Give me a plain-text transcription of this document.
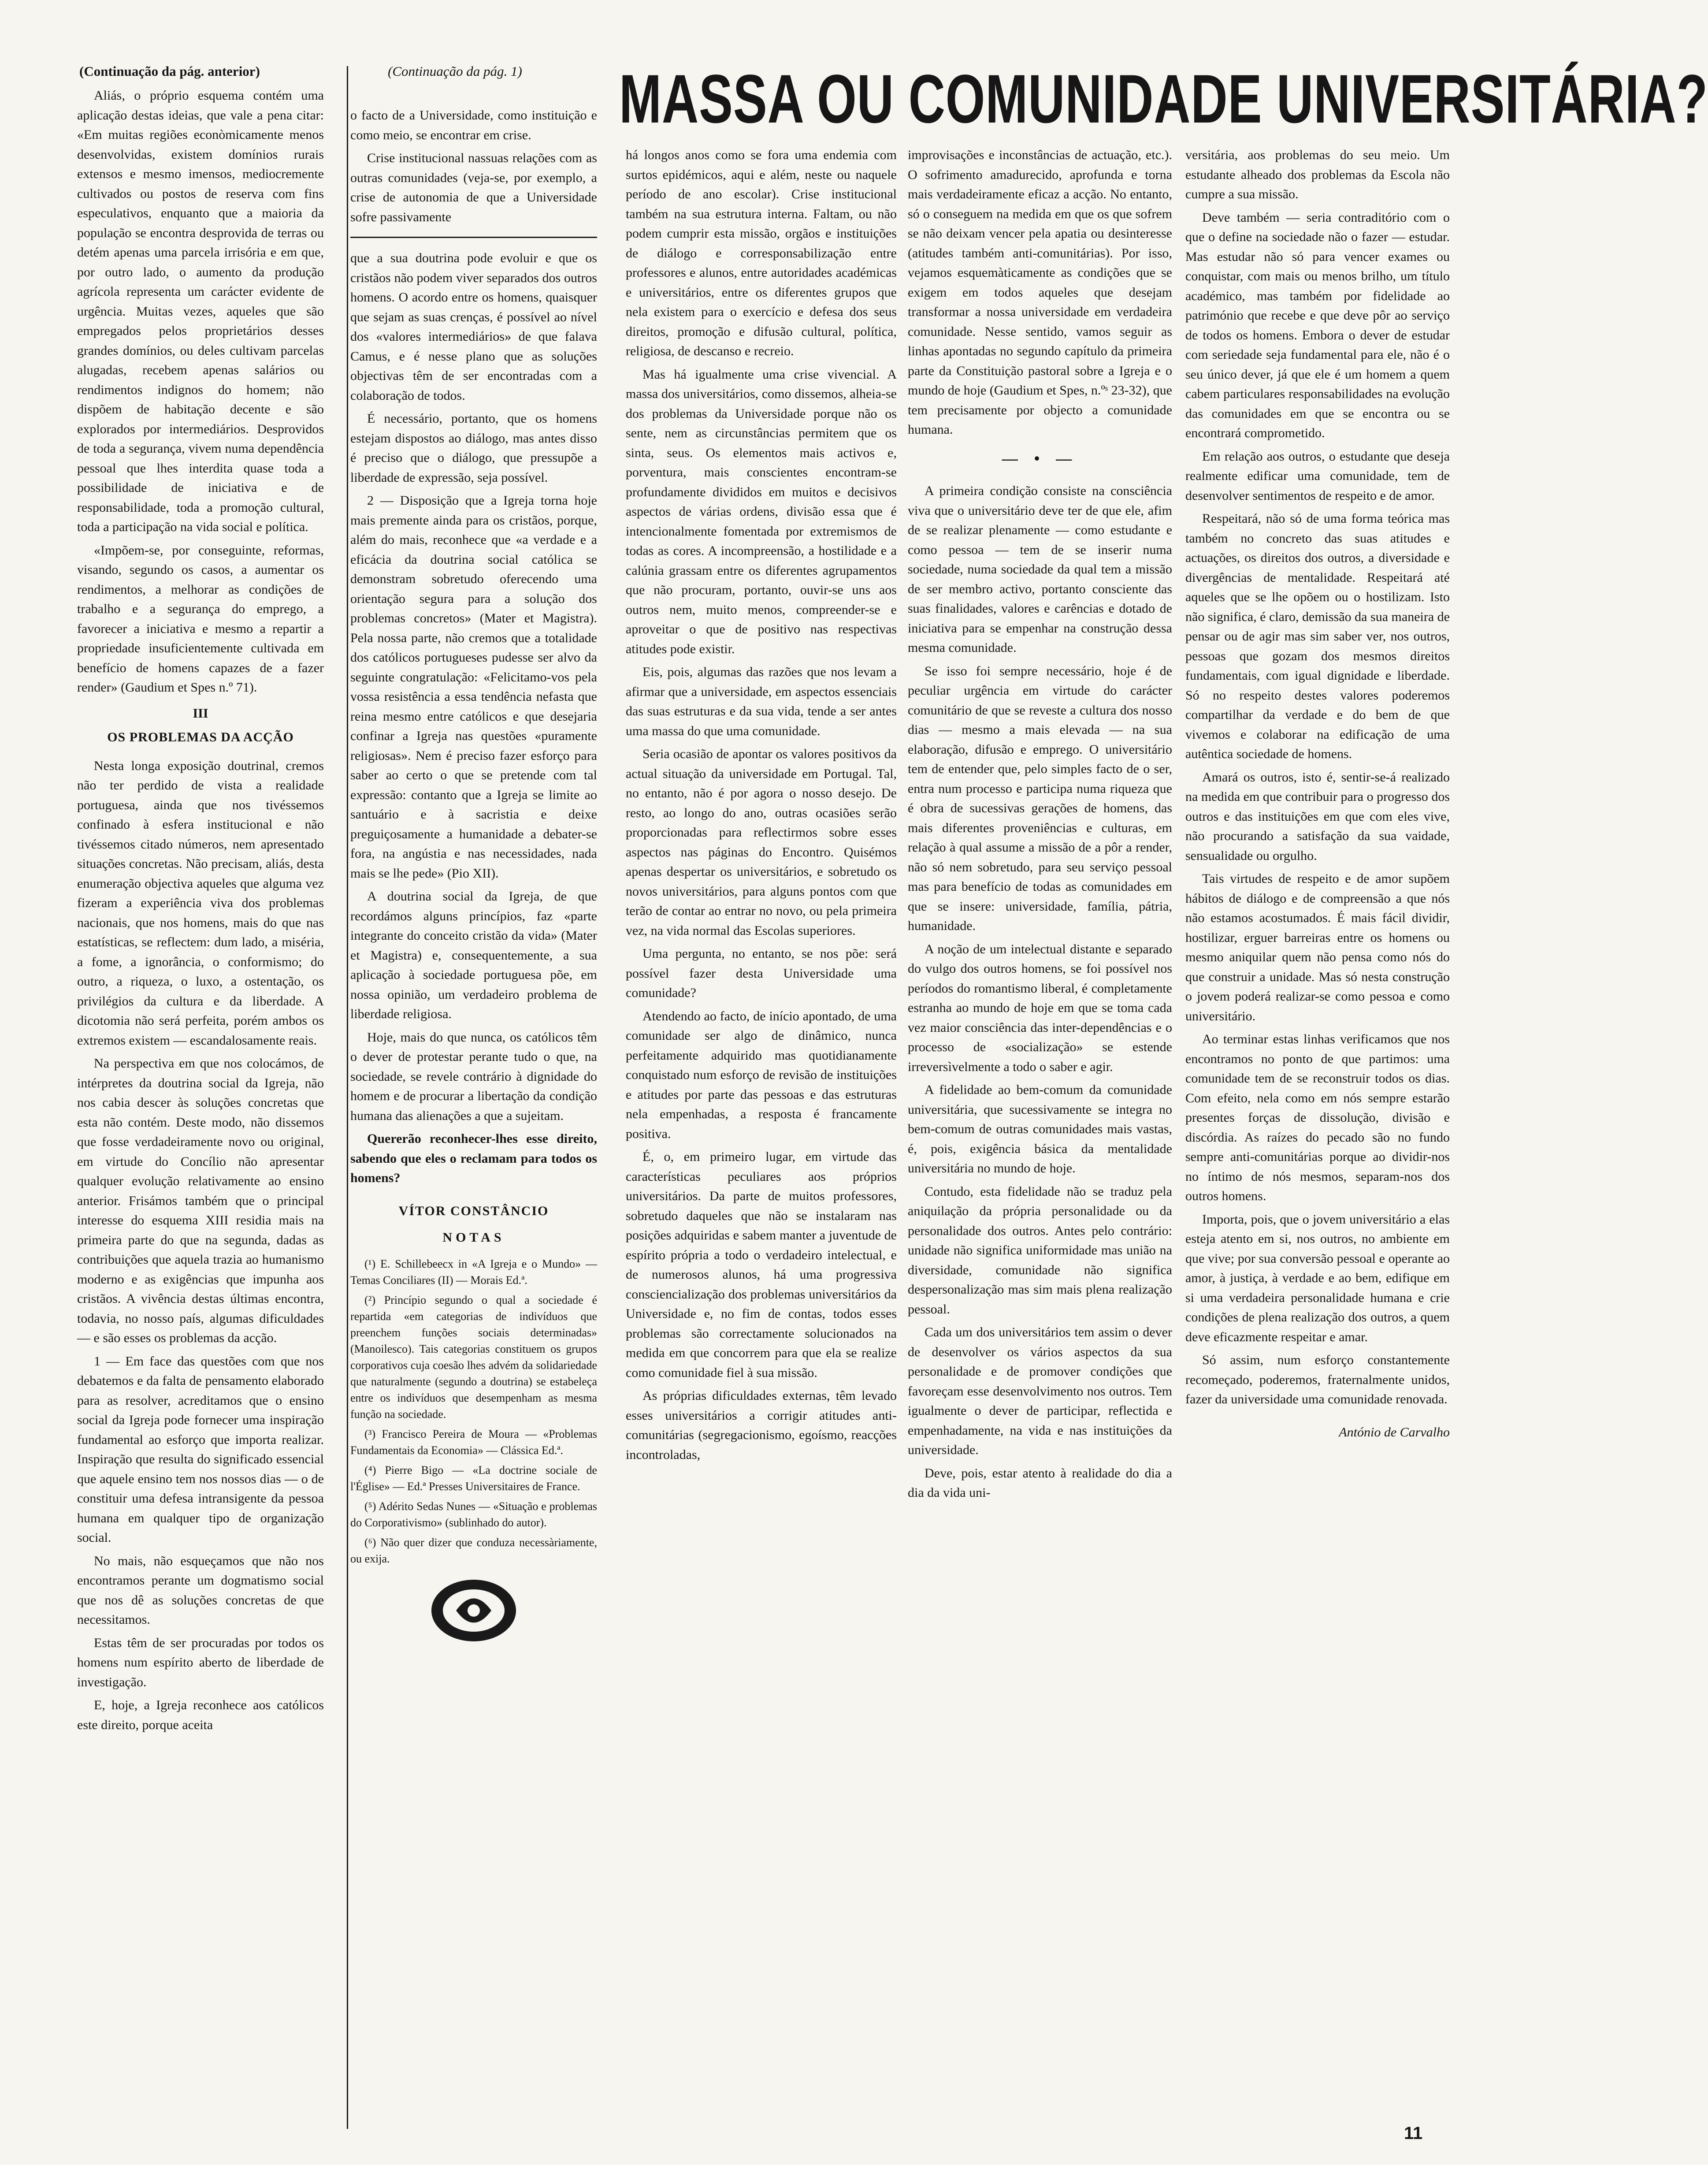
(Continuação da pág. anterior)	(Continuação da pág. 1) MASSA OU COMUNIDADE UNIVERSITÁRIA?

Aliás, o próprio esquema contém uma aplicação destas ideias, que vale a pena citar: «Em muitas regiões econòmicamente menos desenvolvidas, existem domínios rurais extensos e mesmo imensos, mediocremente cultivados ou postos de reserva com fins especulativos, enquanto que a maioria da população se encontra desprovida de terras ou detém apenas uma parcela irrisória e em que, por outro lado, o aumento da produção agrícola representa um carácter evidente de urgência. Muitas vezes, aqueles que são empregados pelos proprietários desses grandes domínios, ou deles cultivam parcelas alugadas, recebem apenas salários ou rendimentos indignos do homem; não dispõem de habitação decente e são explorados por intermediários. Desprovidos de toda a segurança, vivem numa dependência pessoal que lhes interdita quase toda a possibilidade de iniciativa e de responsabilidade, toda a promoção cultural, toda a participação na vida social e política.

«Impõem-se, por conseguinte, reformas, visando, segundo os casos, a aumentar os rendimentos, a melhorar as condições de trabalho e a segurança do emprego, a favorecer a iniciativa e mesmo a repartir a propriedade insuficientemente cultivada em benefício de homens capazes de a fazer render» (Gaudium et Spes n.º 71).

III
OS PROBLEMAS DA ACÇÃO

Nesta longa exposição doutrinal, cremos não ter perdido de vista a realidade portuguesa, ainda que nos tivéssemos confinado à esfera institucional e não tivéssemos citado números, nem apresentado situações concretas. Não precisam, aliás, desta enumeração objectiva aqueles que alguma vez fizeram a experiência viva dos problemas nacionais, que nos homens, mais do que nas estatísticas, se reflectem: dum lado, a miséria, a fome, a ignorância, o conformismo; do outro, a riqueza, o luxo, a ostentação, os privilégios da cultura e da liberdade. A dicotomia não será perfeita, porém ambos os extremos existem — escandalosamente reais.

Na perspectiva em que nos colocámos, de intérpretes da doutrina social da Igreja, não nos cabia descer às soluções concretas que esta não contém. Deste modo, não dissemos que fosse verdadeiramente novo ou original, em virtude do Concílio não apresentar qualquer evolução relativamente ao ensino anterior. Frisámos também que o principal interesse do esquema XIII residia mais na primeira parte do que na segunda, dadas as contribuições que aquela trazia ao humanismo moderno e as exigências que impunha aos cristãos. A vivência destas últimas encontra, todavia, no nosso país, algumas dificuldades — e são esses os problemas da acção.

1 — Em face das questões com que nos debatemos e da falta de pensamento elaborado para as resolver, acreditamos que o ensino social da Igreja pode fornecer uma inspiração fundamental ao esforço que importa realizar. Inspiração que resulta do significado essencial que aquele ensino tem nos nossos dias — o de constituir uma defesa intransigente da pessoa humana em qualquer tipo de organização social.

No mais, não esqueçamos que não nos encontramos perante um dogmatismo social que nos dê as soluções concretas de que necessitamos.

Estas têm de ser procuradas por todos os homens num espírito aberto de liberdade de investigação.

E, hoje, a Igreja reconhece aos católicos este direito, porque aceita

o facto de a Universidade, como instituição e como meio, se encontrar em crise.

Crise institucional nassuas relações com as outras comunidades (veja-se, por exemplo, a crise de autonomia de que a Universidade sofre passivamente

que a sua doutrina pode evoluir e que os cristãos não podem viver separados dos outros homens. O acordo entre os homens, quaisquer que sejam as suas crenças, é possível ao nível dos «valores intermediários» de que falava Camus, e é nesse plano que as soluções objectivas têm de ser encontradas com a colaboração de todos.

É necessário, portanto, que os homens estejam dispostos ao diálogo, mas antes disso é preciso que o diálogo, que pressupõe a liberdade de expressão, seja possível.

2 — Disposição que a Igreja torna hoje mais premente ainda para os cristãos, porque, além do mais, reconhece que «a verdade e a eficácia da doutrina social católica se demonstram sobretudo oferecendo uma orientação segura para a solução dos problemas concretos» (Mater et Magistra). Pela nossa parte, não cremos que a totalidade dos católicos portugueses pudesse ser alvo da seguinte congratulação: «Felicitamo-vos pela vossa resistência a essa tendência nefasta que reina mesmo entre católicos e que desejaria confinar a Igreja nas questões «puramente religiosas». Nem é preciso fazer esforço para saber ao certo o que se pretende com tal expressão: contanto que a Igreja se limite ao santuário e à sacristia e deixe preguiçosamente a humanidade a debater-se fora, na angústia e nas necessidades, nada mais se lhe pede» (Pio XII).

A doutrina social da Igreja, de que recordámos alguns princípios, faz «parte integrante do conceito cristão da vida» (Mater et Magistra) e, consequentemente, a sua aplicação à sociedade portuguesa põe, em nossa opinião, um verdadeiro problema de liberdade religiosa.

Hoje, mais do que nunca, os católicos têm o dever de protestar perante tudo o que, na sociedade, se revele contrário à dignidade do homem e de procurar a libertação da condição humana das alienações a que a sujeitam.

Quererão reconhecer-lhes esse direito, sabendo que eles o reclamam para todos os homens?

VÍTOR CONSTÂNCIO
NOTAS

(¹) E. Schillebeecx in «A Igreja e o Mundo» — Temas Conciliares (II) — Morais Ed.ª.

(²) Princípio segundo o qual a sociedade é repartida «em categorias de indivíduos que preenchem funções sociais determinadas» (Manoilesco). Tais categorias constituem os grupos corporativos cuja coesão lhes advém da solidariedade que naturalmente (segundo a doutrina) se estabeleça entre os indivíduos que desempenham as mesma função na sociedade.

(³) Francisco Pereira de Moura — «Problemas Fundamentais da Economia» — Clássica Ed.ª.

(⁴) Pierre Bigo — «La doctrine sociale de l'Église» — Ed.ª Presses Universitaires de France.

(⁵) Adérito Sedas Nunes — «Situação e problemas do Corporativismo» (sublinhado do autor).

(⁶) Não quer dizer que conduza necessàriamente, ou exija.

há longos anos como se fora uma endemia com surtos epidémicos, aqui e além, neste ou naquele período de ano escolar). Crise institucional também na sua estrutura interna. Faltam, ou não podem cumprir esta missão, orgãos e instituições de diálogo e corresponsabilização entre professores e alunos, entre autoridades académicas e universitários, entre os diferentes grupos que nela existem para o exercício e defesa dos seus direitos, promoção e difusão cultural, política, religiosa, de descanso e recreio.

Mas há igualmente uma crise vivencial. A massa dos universitários, como dissemos, alheia-se dos problemas da Universidade porque não os sente, nem as circunstâncias permitem que os sinta, seus. Os elementos mais activos e, porventura, mais conscientes encontram-se profundamente divididos em muitos e decisivos aspectos de várias ordens, divisão essa que é intencionalmente fomentada por extremismos de todas as cores. A incompreensão, a hostilidade e a calúnia grassam entre os diferentes agrupamentos que não procuram, portanto, ouvir-se uns aos outros nem, muito menos, compreender-se e aproveitar o que de positivo nas respectivas atitudes pode existir.

Eis, pois, algumas das razões que nos levam a afirmar que a universidade, em aspectos essenciais das suas estruturas e da sua vida, tende a ser antes uma massa do que uma comunidade.

Seria ocasião de apontar os valores positivos da actual situação da universidade em Portugal. Tal, no entanto, não é por agora o nosso desejo. De resto, ao longo do ano, outras ocasiões serão proporcionadas para reflectirmos sobre esses aspectos nas páginas do Encontro. Quisémos apenas despertar os universitários, e sobretudo os novos universitários, para alguns pontos com que terão de contar ao entrar no novo, ou pela primeira vez, na vida normal das Escolas superiores.

Uma pergunta, no entanto, se nos põe: será possível fazer desta Universidade uma comunidade?

Atendendo ao facto, de início apontado, de uma comunidade ser algo de dinâmico, nunca perfeitamente adquirido mas quotidianamente conquistado num esforço de revisão de instituições e atitudes por parte das pessoas e das estruturas nela empenhadas, a resposta é francamente positiva.

É, o, em primeiro lugar, em virtude das características peculiares aos próprios universitários. Da parte de muitos professores, sobretudo daqueles que não se instalaram nas posições adquiridas e sabem manter a juventude de espírito própria a todo o verdadeiro intelectual, e de numerosos alunos, há uma progressiva consciencialização dos problemas universitários da Universidade e, no fim de contas, todos esses problemas são correctamente solucionados na medida em que concorrem para que ela se realize como comunidade fiel à sua missão.

As próprias dificuldades externas, têm levado esses universitários a corrigir atitudes anti-comunitárias (segregacionismo, egoísmo, reacções incontroladas,

improvisações e inconstâncias de actuação, etc.). O sofrimento amadurecido, aprofunda e torna mais verdadeiramente eficaz a acção. No entanto, só o conseguem na medida em que os que sofrem se não deixam vencer pela apatia ou desinteresse (atitudes também anti-comunitárias). Por isso, vejamos esquemàticamente as condições que se exigem em todos aqueles que desejam transformar a nossa universidade em verdadeira comunidade. Nesse sentido, vamos seguir as linhas apontadas no segundo capítulo da primeira parte da Constituição pastoral sobre a Igreja e o mundo de hoje (Gaudium et Spes, n.ºˢ 23-32), que tem precisamente por objecto a comunidade humana.

— • —

A primeira condição consiste na consciência viva que o universitário deve ter de que ele, afim de se realizar plenamente — como estudante e como pessoa — tem de se inserir numa sociedade, numa sociedade da qual tem a missão de ser membro activo, portanto consciente das suas finalidades, valores e carências e dotado de iniciativa para se empenhar na construção dessa mesma comunidade.

Se isso foi sempre necessário, hoje é de peculiar urgência em virtude do carácter comunitário de que se reveste a cultura dos nosso dias — mesmo a mais elevada — na sua elaboração, difusão e emprego. O universitário tem de entender que, pelo simples facto de o ser, entra num processo e participa numa riqueza que é obra de sucessivas gerações de homens, das mais diferentes proveniências e culturas, em relação à qual assume a missão de a pôr a render, não só nem sobretudo, para seu serviço pessoal mas para benefício de todas as comunidades em que se insere: universidade, família, pátria, humanidade.

A noção de um intelectual distante e separado do vulgo dos outros homens, se foi possível nos períodos do romantismo liberal, é completamente estranha ao mundo de hoje em que se toma cada vez maior consciência das inter-dependências e o processo de «socialização» se estende irreversìvelmente a todo o saber e agir.

A fidelidade ao bem-comum da comunidade universitária, que sucessivamente se integra no bem-comum de outras comunidades mais vastas, é, pois, exigência básica da mentalidade universitária no mundo de hoje.

Contudo, esta fidelidade não se traduz pela aniquilação da própria personalidade ou da personalidade dos outros. Antes pelo contrário: unidade não significa uniformidade mas união na diversidade, comunidade não significa despersonalização mas sim mais plena realização pessoal.

Cada um dos universitários tem assim o dever de desenvolver os vários aspectos da sua personalidade e de promover condições que favoreçam esse desenvolvimento nos outros. Tem igualmente o dever de participar, reflectida e empenhadamente, na vida e nas instituições da universidade.

Deve, pois, estar atento à realidade do dia a dia da vida uni-

versitária, aos problemas do seu meio. Um estudante alheado dos problemas da Escola não cumpre a sua missão.

Deve também — seria contraditório com o que o define na sociedade não o fazer — estudar. Mas estudar não só para vencer exames ou conquistar, com mais ou menos brilho, um título académico, mas também por fidelidade ao património que recebe e que deve pôr ao serviço de todos os homens. Embora o dever de estudar com seriedade seja fundamental para ele, não é o seu único dever, já que ele é um homem a quem cabem particulares responsabilidades na evolução das comunidades em que se encontra ou se encontrará comprometido.

Em relação aos outros, o estudante que deseja realmente edificar uma comunidade, tem de desenvolver sentimentos de respeito e de amor.

Respeitará, não só de uma forma teórica mas também no concreto das suas atitudes e actuações, os direitos dos outros, a diversidade e divergências de mentalidade. Respeitará até aqueles que se lhe opõem ou o hostilizam. Isto não significa, é claro, demissão da sua maneira de pensar ou de agir mas sim saber ver, nos outros, pessoas que gozam dos mesmos direitos fundamentais, com igual dignidade e liberdade. Só no respeito destes valores poderemos compartilhar da verdade e do bem de que vivemos e colaborar na edificação de uma autêntica sociedade de homens.

Amará os outros, isto é, sentir-se-á realizado na medida em que contribuir para o progresso dos outros e das instituições em que com eles vive, não procurando a satisfação da sua vaidade, sensualidade ou orgulho.

Tais virtudes de respeito e de amor supõem hábitos de diálogo e de compreensão a que nós não estamos acostumados. É mais fácil dividir, hostilizar, erguer barreiras entre os homens ou mesmo aniquilar quem não pensa como nós do que construir a unidade. Mas só nesta construção o jovem poderá realizar-se como pessoa e como universitário.

Ao terminar estas linhas verificamos que nos encontramos no ponto de que partimos: uma comunidade tem de se reconstruir todos os dias. Com efeito, nela como em nós sempre estarão presentes forças de dissolução, divisão e discórdia. As raízes do pecado são no fundo sempre anti-comunitárias porque ao dividir-nos no íntimo de nós mesmos, separam-nos dos outros homens.

Importa, pois, que o jovem universitário a elas esteja atento em si, nos outros, no ambiente em que vive; por sua conversão pessoal e operante ao amor, à justiça, à verdade e ao bem, edifique em si uma verdadeira personalidade humana e crie condições de plena realização dos outros, a quem deve eficazmente respeitar e amar.

Só assim, num esforço constantemente recomeçado, poderemos, fraternalmente unidos, fazer da universidade uma comunidade renovada.

António de Carvalho
11
